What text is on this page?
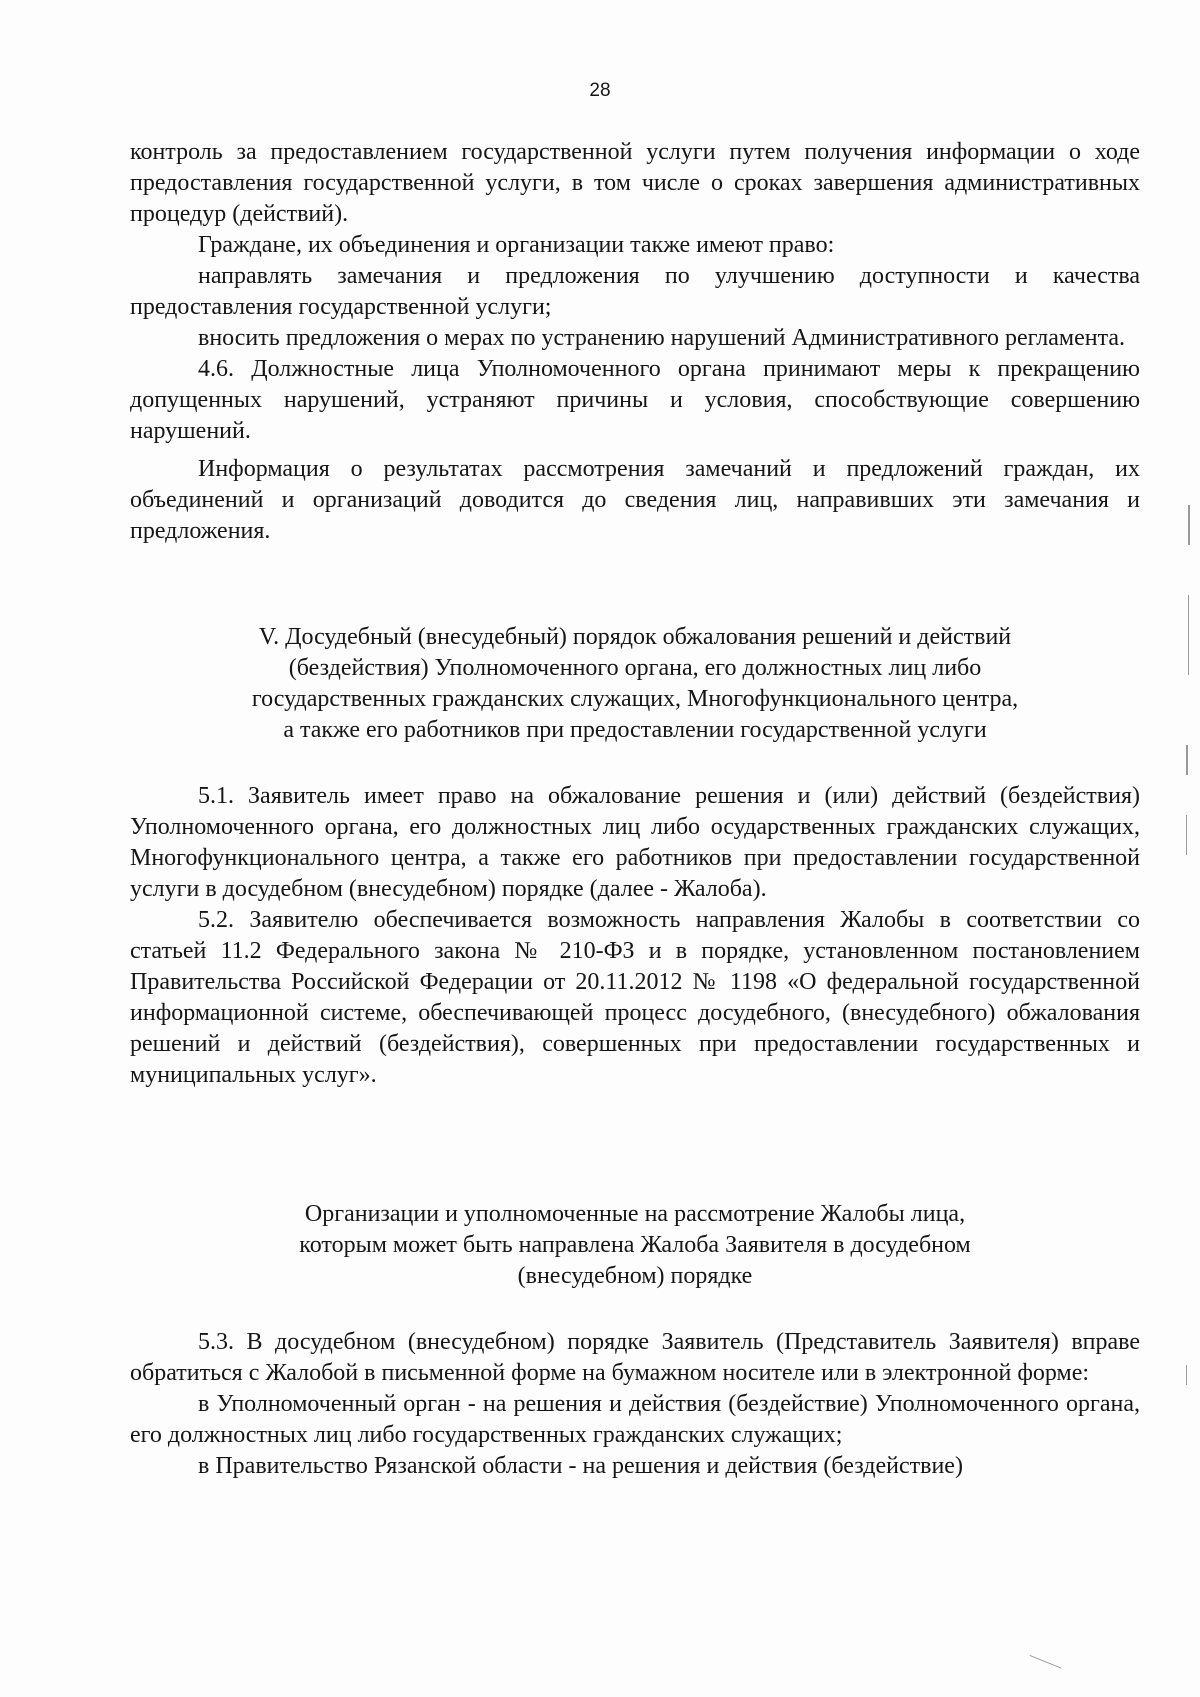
28

контроль за предоставлением государственной услуги путем получения информации о ходе предоставления государственной услуги, в том числе о сроках завершения административных процедур (действий).

Граждане, их объединения и организации также имеют право:

направлять замечания и предложения по улучшению доступности и качества предоставления государственной услуги;

вносить предложения о мерах по устранению нарушений Административного регламента.

4.6. Должностные лица Уполномоченного органа принимают меры к прекращению допущенных нарушений, устраняют причины и условия, способствующие совершению нарушений.

Информация о результатах рассмотрения замечаний и предложений граждан, их объединений и организаций доводится до сведения лиц, направивших эти замечания и предложения.

V. Досудебный (внесудебный) порядок обжалования решений и действий
(бездействия) Уполномоченного органа, его должностных лиц либо
государственных гражданских служащих, Многофункционального центра,
а также его работников при предоставлении государственной услуги

5.1. Заявитель имеет право на обжалование решения и (или) действий (бездействия) Уполномоченного органа, его должностных лиц либо осударственных гражданских служащих, Многофункционального центра, а также его работников при предоставлении государственной услуги в досудебном (внесудебном) порядке (далее - Жалоба).

5.2. Заявителю обеспечивается возможность направления Жалобы в соответствии со статьей 11.2 Федерального закона № 210-ФЗ и в порядке, установленном постановлением Правительства Российской Федерации от 20.11.2012 № 1198 «О федеральной государственной информационной системе, обеспечивающей процесс досудебного, (внесудебного) обжалования решений и действий (бездействия), совершенных при предоставлении государственных и муниципальных услуг».

Организации и уполномоченные на рассмотрение Жалобы лица,
которым может быть направлена Жалоба Заявителя в досудебном
(внесудебном) порядке

5.3. В досудебном (внесудебном) порядке Заявитель (Представитель Заявителя) вправе обратиться с Жалобой в письменной форме на бумажном носителе или в электронной форме:

в Уполномоченный орган - на решения и действия (бездействие) Уполномоченного органа, его должностных лиц либо государственных гражданских служащих;

в Правительство Рязанской области - на решения и действия (бездействие)
